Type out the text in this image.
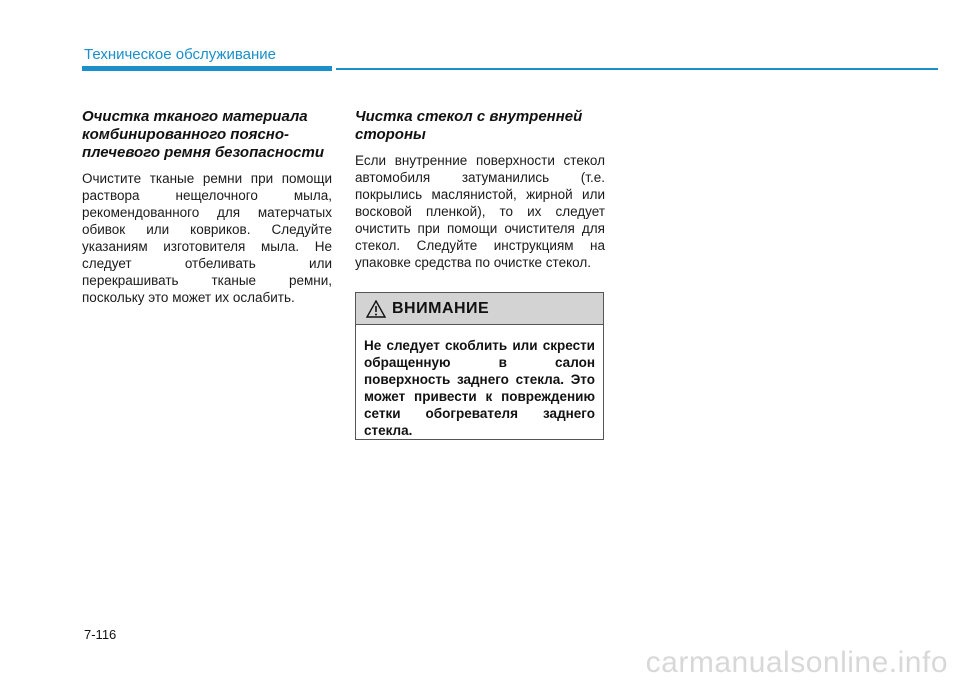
Техническое обслуживание
Очистка тканого материала комбинированного поясно-плечевого ремня безопасности

Очистите тканые ремни при помощи раствора нещелочного мыла, рекомендованного для матерчатых обивок или ковриков. Следуйте указаниям изготовителя мыла. Не следует отбеливать или перекрашивать тканые ремни, поскольку это может их ослабить.

Чистка стекол с внутренней стороны

Если внутренние поверхности стекол автомобиля затуманились (т.е. покрылись маслянистой, жирной или восковой пленкой), то их следует очистить при помощи очистителя для стекол. Следуйте инструкциям на упаковке средства по очистке стекол.

ВНИМАНИЕ
Не следует скоблить или скрести обращенную в салон поверхность заднего стекла. Это может привести к повреждению сетки обогревателя заднего стекла.
7-116
carmanualsonline.info
